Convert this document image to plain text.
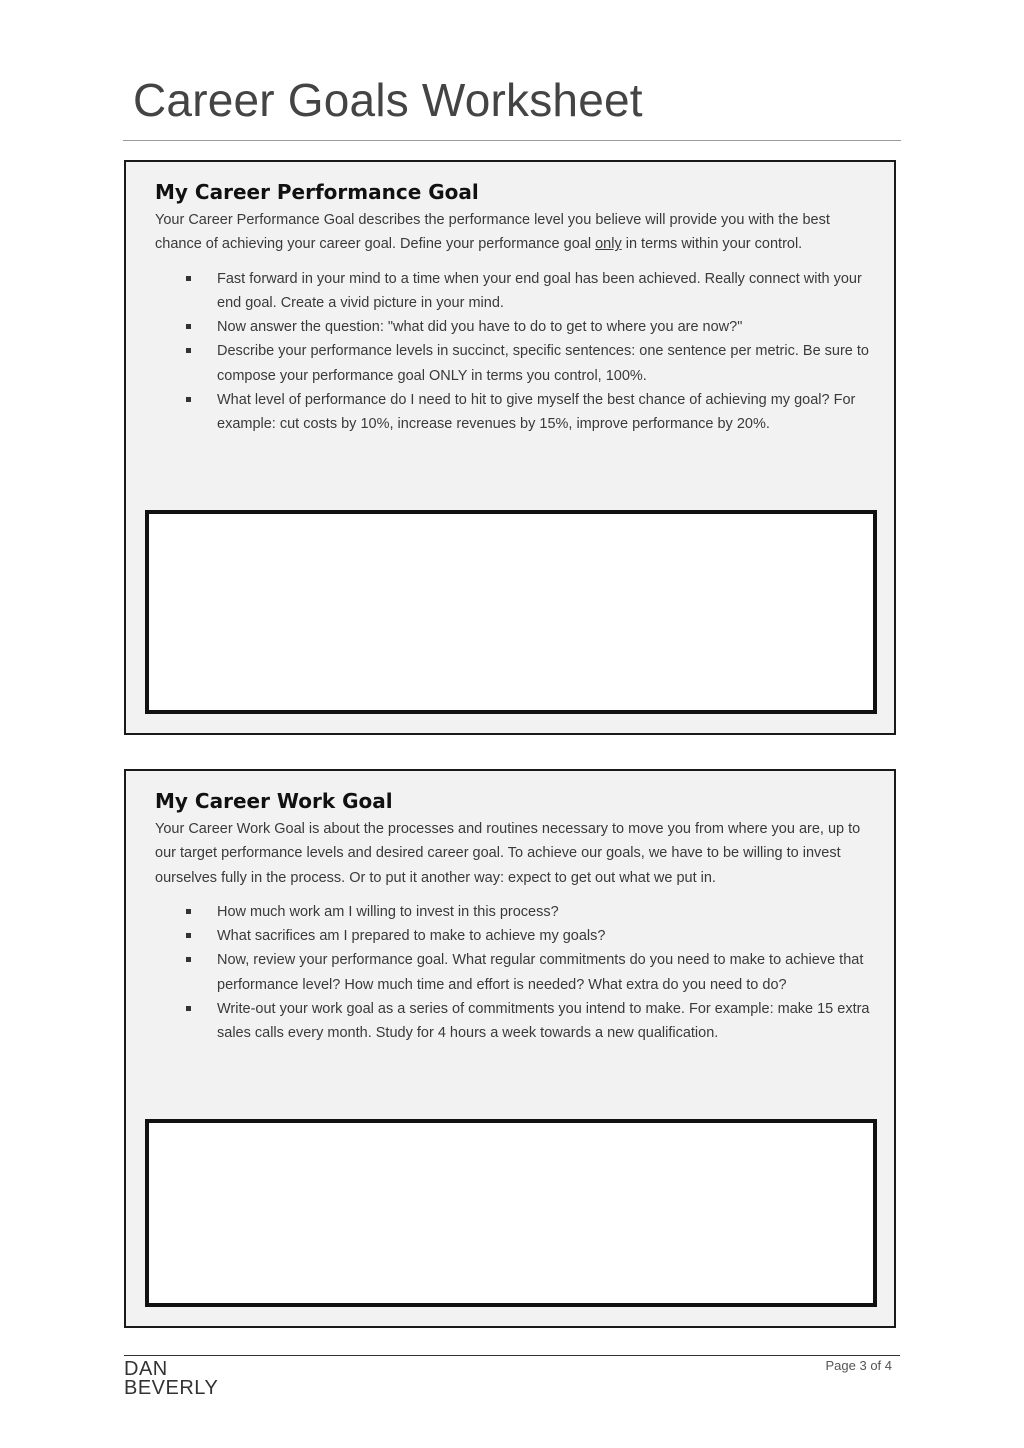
Career Goals Worksheet
My Career Performance Goal

Your Career Performance Goal describes the performance level you believe will provide you with the best chance of achieving your career goal. Define your performance goal only in terms within your control.

Fast forward in your mind to a time when your end goal has been achieved. Really connect with your end goal. Create a vivid picture in your mind.
Now answer the question: "what did you have to do to get to where you are now?"
Describe your performance levels in succinct, specific sentences: one sentence per metric. Be sure to compose your performance goal ONLY in terms you control, 100%.
What level of performance do I need to hit to give myself the best chance of achieving my goal? For example: cut costs by 10%, increase revenues by 15%, improve performance by 20%.
My Career Work Goal

Your Career Work Goal is about the processes and routines necessary to move you from where you are, up to our target performance levels and desired career goal. To achieve our goals, we have to be willing to invest ourselves fully in the process. Or to put it another way: expect to get out what we put in.

How much work am I willing to invest in this process?
What sacrifices am I prepared to make to achieve my goals?
Now, review your performance goal. What regular commitments do you need to make to achieve that performance level? How much time and effort is needed? What extra do you need to do?
Write-out your work goal as a series of commitments you intend to make. For example: make 15 extra sales calls every month. Study for 4 hours a week towards a new qualification.
DAN
BEVERLY
Page 3 of 4
